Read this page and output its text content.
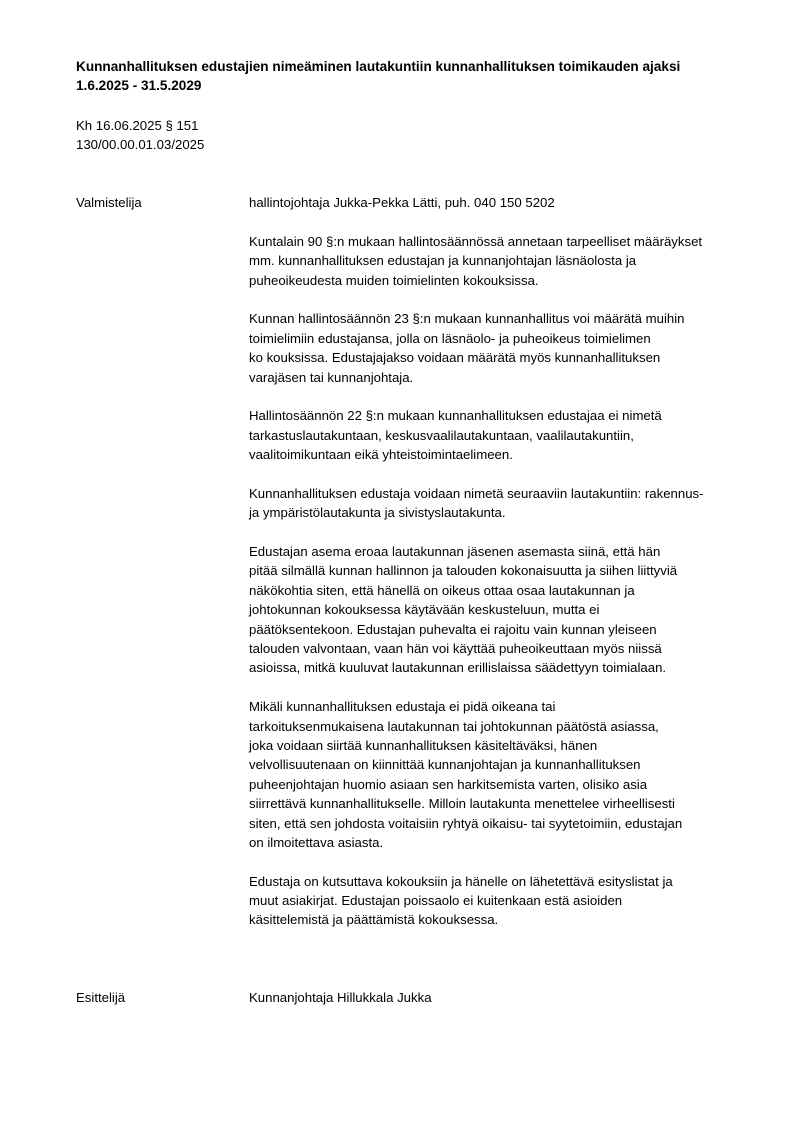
Kunnanhallituksen edustajien nimeäminen lautakuntiin kunnanhallituksen toimikauden ajaksi
1.6.2025 - 31.5.2029
Kh 16.06.2025 § 151
130/00.00.01.03/2025
Valmistelija	hallintojohtaja Jukka-Pekka Lätti, puh. 040 150 5202
Kuntalain 90 §:n mukaan hallintosäännössä annetaan tarpeelliset määräykset
mm. kunnanhallituksen edustajan ja kunnanjohtajan läsnäolosta ja
puheoikeudesta muiden toimielinten kokouksissa.
Kunnan hallintosäännön 23 §:n mukaan kunnanhallitus voi määrätä muihin
toimielimiin edustajansa, jolla on läsnäolo- ja puheoikeus toimielimen
ko kouksissa. Edustajajakso voidaan määrätä myös kunnanhallituksen
varajäsen tai kunnanjohtaja.
Hallintosäännön 22 §:n mukaan kunnanhallituksen edustajaa ei nimetä
tarkastuslautakuntaan, keskusvaalilautakuntaan, vaalilautakuntiin,
vaalitoimikuntaan eikä yhteistoimintaelimeen.
Kunnanhallituksen edustaja voidaan nimetä seuraaviin lautakuntiin: rakennus-
ja ympäristölautakunta ja sivistyslautakunta.
Edustajan asema eroaa lautakunnan jäsenen asemasta siinä, että hän
pitää silmällä kunnan hallinnon ja talouden kokonaisuutta ja siihen liittyviä
näkökohtia siten, että hänellä on oikeus ottaa osaa lautakunnan ja
johtokunnan kokouksessa käytävään keskusteluun, mutta ei
päätöksentekoon. Edustajan puhevalta ei rajoitu vain kunnan yleiseen
talouden valvontaan, vaan hän voi käyttää puheoikeuttaan myös niissä
asioissa, mitkä kuuluvat lautakunnan erillislaissa säädettyyn toimialaan.
Mikäli kunnanhallituksen edustaja ei pidä oikeana tai
tarkoituksenmukaisena lautakunnan tai johtokunnan päätöstä asiassa,
joka voidaan siirtää kunnanhallituksen käsiteltäväksi, hänen
velvollisuutenaan on kiinnittää kunnanjohtajan ja kunnanhallituksen
puheenjohtajan huomio asiaan sen harkitsemista varten, olisiko asia
siirrettävä kunnanhallitukselle. Milloin lautakunta menettelee virheellisesti
siten, että sen johdosta voitaisiin ryhtyä oikaisu- tai syytetoimiin, edustajan
on ilmoitettava asiasta.
Edustaja on kutsuttava kokouksiin ja hänelle on lähetettävä esityslistat ja
muut asiakirjat. Edustajan poissaolo ei kuitenkaan estä asioiden
käsittelemistä ja päättämistä kokouksessa.
Esittelijä	Kunnanjohtaja Hillukkala Jukka
